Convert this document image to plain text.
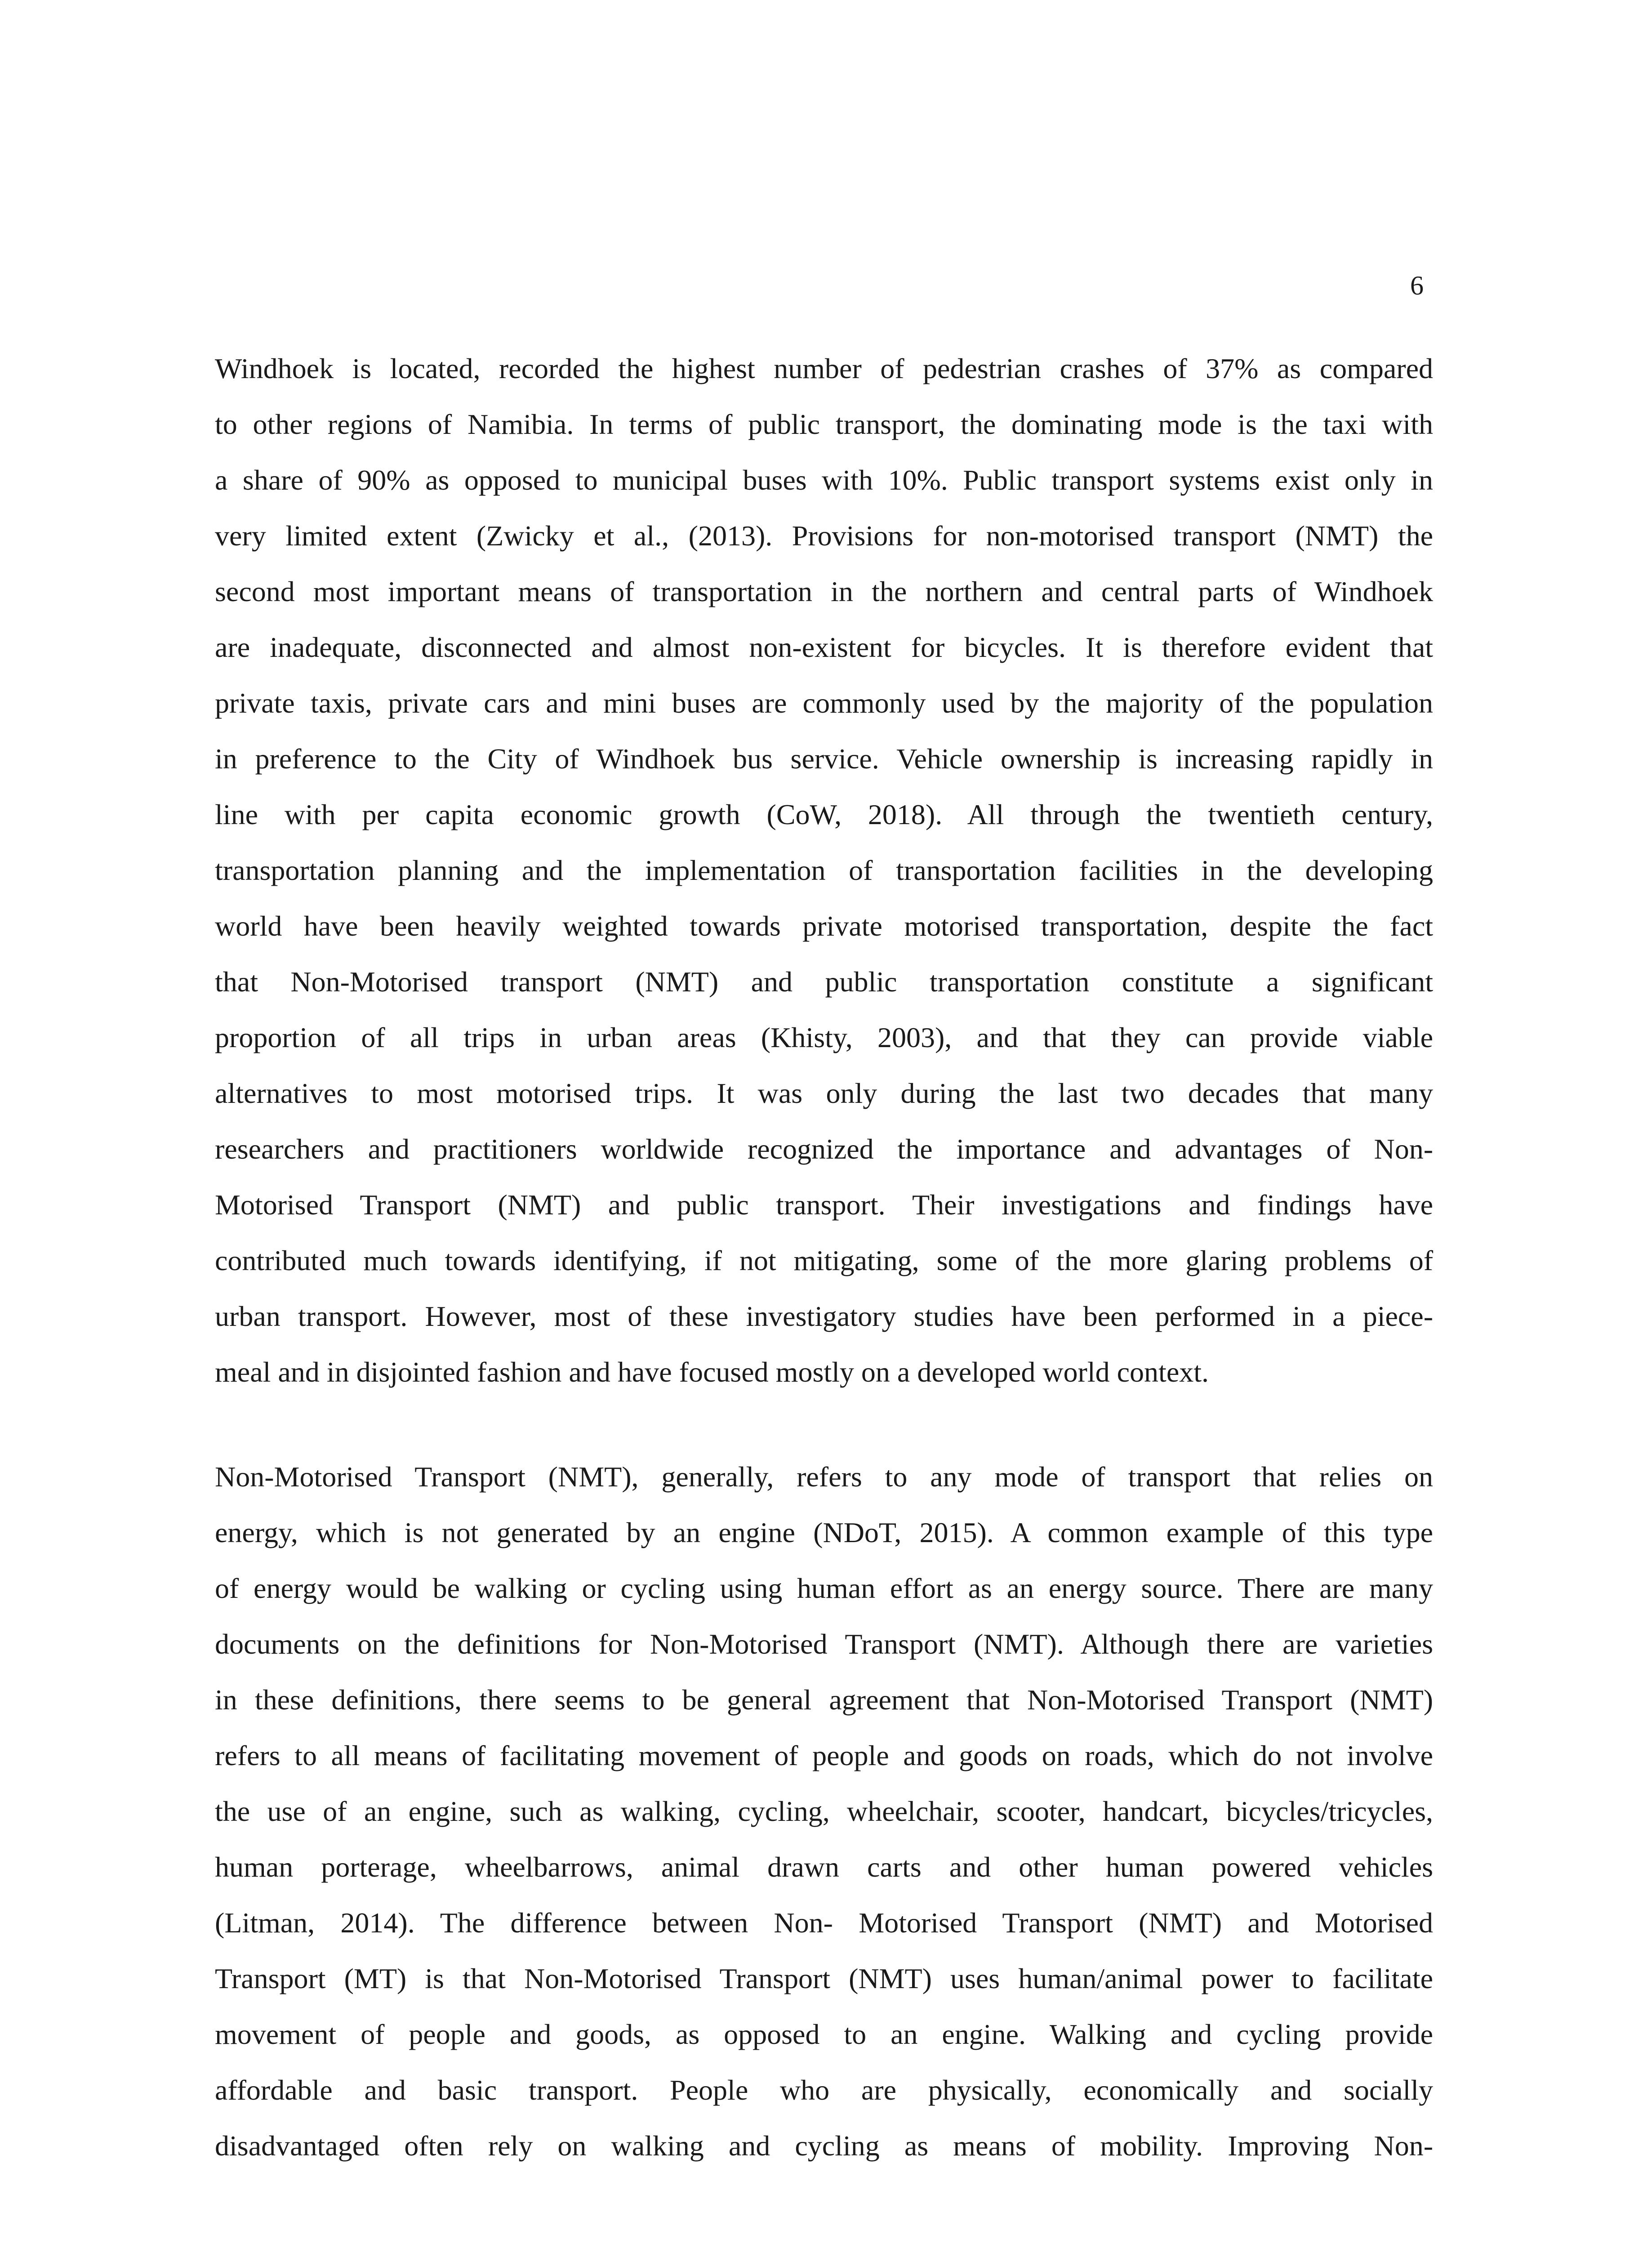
6
Windhoek is located, recorded the highest number of pedestrian crashes of 37% as compared
to other regions of Namibia. In terms of public transport, the dominating mode is the taxi with
a share of 90% as opposed to municipal buses with 10%. Public transport systems exist only in
very limited extent (Zwicky et al., (2013). Provisions for non-motorised transport (NMT) the
second most important means of transportation in the northern and central parts of Windhoek
are inadequate, disconnected and almost non-existent for bicycles. It is therefore evident that
private taxis, private cars and mini buses are commonly used by the majority of the population
in preference to the City of Windhoek bus service. Vehicle ownership is increasing rapidly in
line with per capita economic growth (CoW, 2018). All through the twentieth century,
transportation planning and the implementation of transportation facilities in the developing
world have been heavily weighted towards private motorised transportation, despite the fact
that Non-Motorised transport (NMT) and public transportation constitute a significant
proportion of all trips in urban areas (Khisty, 2003), and that they can provide viable
alternatives to most motorised trips. It was only during the last two decades that many
researchers and practitioners worldwide recognized the importance and advantages of Non-
Motorised Transport (NMT) and public transport. Their investigations and findings have
contributed much towards identifying, if not mitigating, some of the more glaring problems of
urban transport. However, most of these investigatory studies have been performed in a piece-
meal and in disjointed fashion and have focused mostly on a developed world context.
Non-Motorised Transport (NMT), generally, refers to any mode of transport that relies on
energy, which is not generated by an engine (NDoT, 2015). A common example of this type
of energy would be walking or cycling using human effort as an energy source. There are many
documents on the definitions for Non-Motorised Transport (NMT). Although there are varieties
in these definitions, there seems to be general agreement that Non-Motorised Transport (NMT)
refers to all means of facilitating movement of people and goods on roads, which do not involve
the use of an engine, such as walking, cycling, wheelchair, scooter, handcart, bicycles/tricycles,
human porterage, wheelbarrows, animal drawn carts and other human powered vehicles
(Litman, 2014). The difference between Non- Motorised Transport (NMT) and Motorised
Transport (MT) is that Non-Motorised Transport (NMT) uses human/animal power to facilitate
movement of people and goods, as opposed to an engine. Walking and cycling provide
affordable and basic transport. People who are physically, economically and socially
disadvantaged often rely on walking and cycling as means of mobility. Improving Non-
